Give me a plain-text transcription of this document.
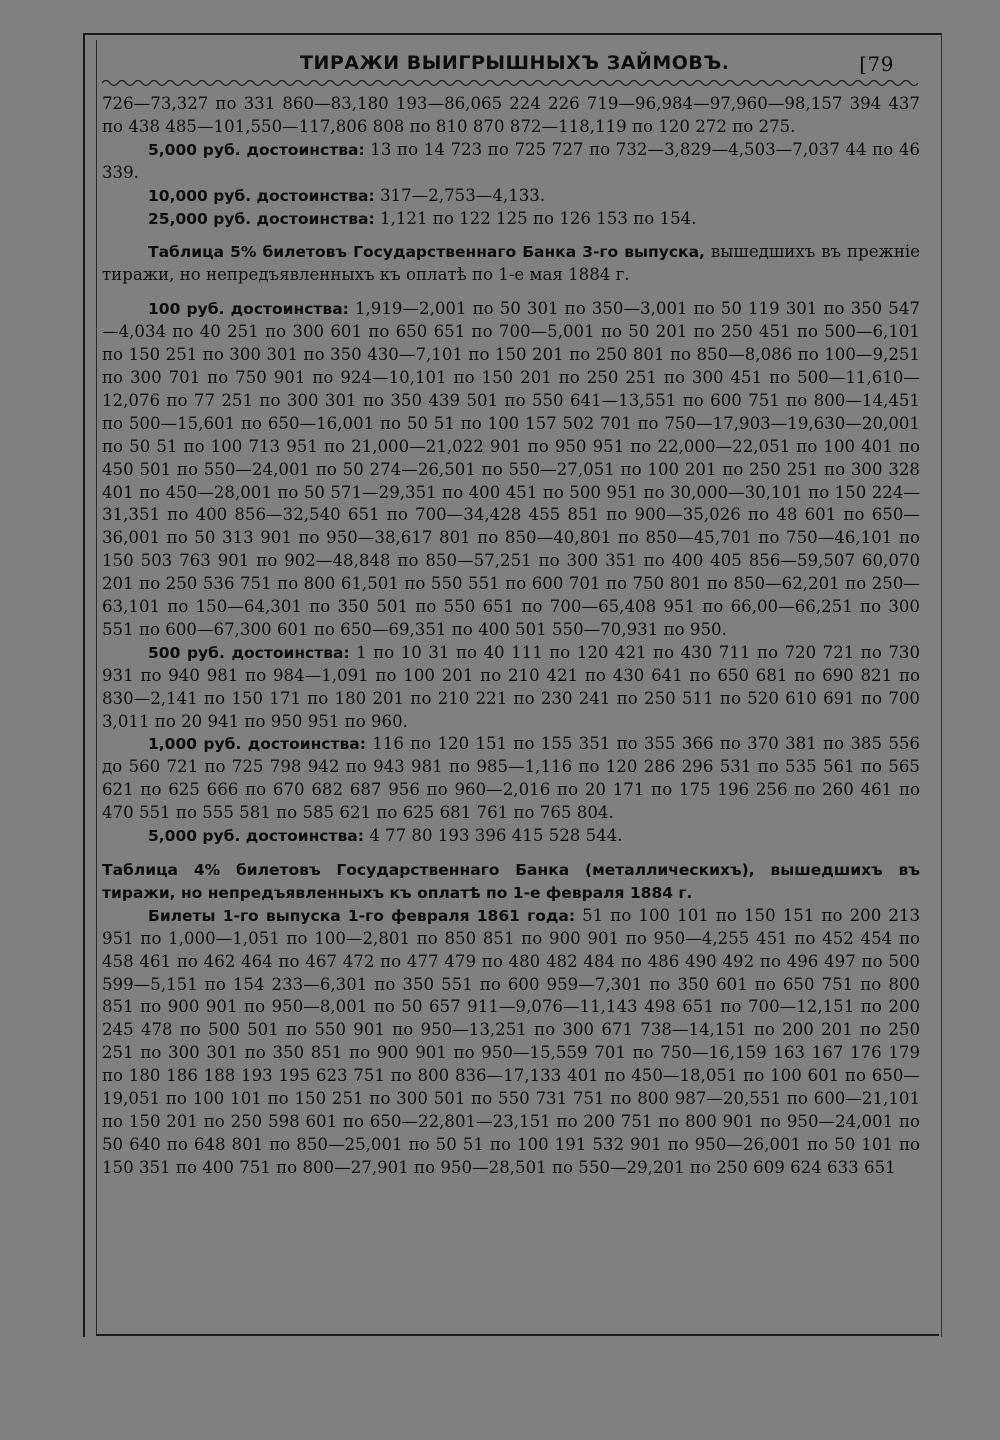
ТИРАЖИ ВЫИГРЫШНЫХЪ ЗАЙМОВЪ.	[79

726—73,327 по 331 860—83,180 193—86,065 224 226 719—96,984—97,960—98,157 394 437 по 438 485—101,550—117,806 808 по 810 870 872—118,119 по 120 272 по 275.

5,000 руб. достоинства: 13 по 14 723 по 725 727 по 732—3,829—4,503—7,037 44 по 46 339.

10,000 руб. достоинства: 317—2,753—4,133.

25,000 руб. достоинства: 1,121 по 122 125 по 126 153 по 154.

Таблица 5% билетовъ Государственнаго Банка 3-го выпуска, вышедшихъ въ прежніе тиражи, но непредъявленныхъ къ оплатѣ по 1-е мая 1884 г.

100 руб. достоинства: 1,919—2,001 по 50 301 по 350—3,001 по 50 119 301 по 350 547—4,034 по 40 251 по 300 601 по 650 651 по 700—5,001 по 50 201 по 250 451 по 500—6,101 по 150 251 по 300 301 по 350 430—7,101 по 150 201 по 250 801 по 850—8,086 по 100—9,251 по 300 701 по 750 901 по 924—10,101 по 150 201 по 250 251 по 300 451 по 500—11,610—12,076 по 77 251 по 300 301 по 350 439 501 по 550 641—13,551 по 600 751 по 800—14,451 по 500—15,601 по 650—16,001 по 50 51 по 100 157 502 701 по 750—17,903—19,630—20,001 по 50 51 по 100 713 951 по 21,000—21,022 901 по 950 951 по 22,000—22,051 по 100 401 по 450 501 по 550—24,001 по 50 274—26,501 по 550—27,051 по 100 201 по 250 251 по 300 328 401 по 450—28,001 по 50 571—29,351 по 400 451 по 500 951 по 30,000—30,101 по 150 224—31,351 по 400 856—32,540 651 по 700—34,428 455 851 по 900—35,026 по 48 601 по 650—36,001 по 50 313 901 по 950—38,617 801 по 850—40,801 по 850—45,701 по 750—46,101 по 150 503 763 901 по 902—48,848 по 850—57,251 по 300 351 по 400 405 856—59,507 60,070 201 по 250 536 751 по 800 61,501 по 550 551 по 600 701 по 750 801 по 850—62,201 по 250—63,101 по 150—64,301 по 350 501 по 550 651 по 700—65,408 951 по 66,00—66,251 по 300 551 по 600—67,300 601 по 650—69,351 по 400 501 550—70,931 по 950.

500 руб. достоинства: 1 по 10 31 по 40 111 по 120 421 по 430 711 по 720 721 по 730 931 по 940 981 по 984—1,091 по 100 201 по 210 421 по 430 641 по 650 681 по 690 821 по 830—2,141 по 150 171 по 180 201 по 210 221 по 230 241 по 250 511 по 520 610 691 по 700 3,011 по 20 941 по 950 951 по 960.

1,000 руб. достоинства: 116 по 120 151 по 155 351 по 355 366 по 370 381 по 385 556 до 560 721 по 725 798 942 по 943 981 по 985—1,116 по 120 286 296 531 по 535 561 по 565 621 по 625 666 по 670 682 687 956 по 960—2,016 по 20 171 по 175 196 256 по 260 461 по 470 551 по 555 581 по 585 621 по 625 681 761 по 765 804.

5,000 руб. достоинства: 4 77 80 193 396 415 528 544.

Таблица 4% билетовъ Государственнаго Банка (металлическихъ), вышедшихъ въ тиражи, но непредъявленныхъ къ оплатѣ по 1-е февраля 1884 г.

Билеты 1-го выпуска 1-го февраля 1861 года: 51 по 100 101 по 150 151 по 200 213 951 по 1,000—1,051 по 100—2,801 по 850 851 по 900 901 по 950—4,255 451 по 452 454 по 458 461 по 462 464 по 467 472 по 477 479 по 480 482 484 по 486 490 492 по 496 497 по 500 599—5,151 по 154 233—6,301 по 350 551 по 600 959—7,301 по 350 601 по 650 751 по 800 851 по 900 901 по 950—8,001 по 50 657 911—9,076—11,143 498 651 по 700—12,151 по 200 245 478 по 500 501 по 550 901 по 950—13,251 по 300 671 738—14,151 по 200 201 по 250 251 по 300 301 по 350 851 по 900 901 по 950—15,559 701 по 750—16,159 163 167 176 179 по 180 186 188 193 195 623 751 по 800 836—17,133 401 по 450—18,051 по 100 601 по 650—19,051 по 100 101 по 150 251 по 300 501 по 550 731 751 по 800 987—20,551 по 600—21,101 по 150 201 по 250 598 601 по 650—22,801—23,151 по 200 751 по 800 901 по 950—24,001 по 50 640 по 648 801 по 850—25,001 по 50 51 по 100 191 532 901 по 950—26,001 по 50 101 по 150 351 по 400 751 по 800—27,901 по 950—28,501 по 550—29,201 по 250 609 624 633 651
